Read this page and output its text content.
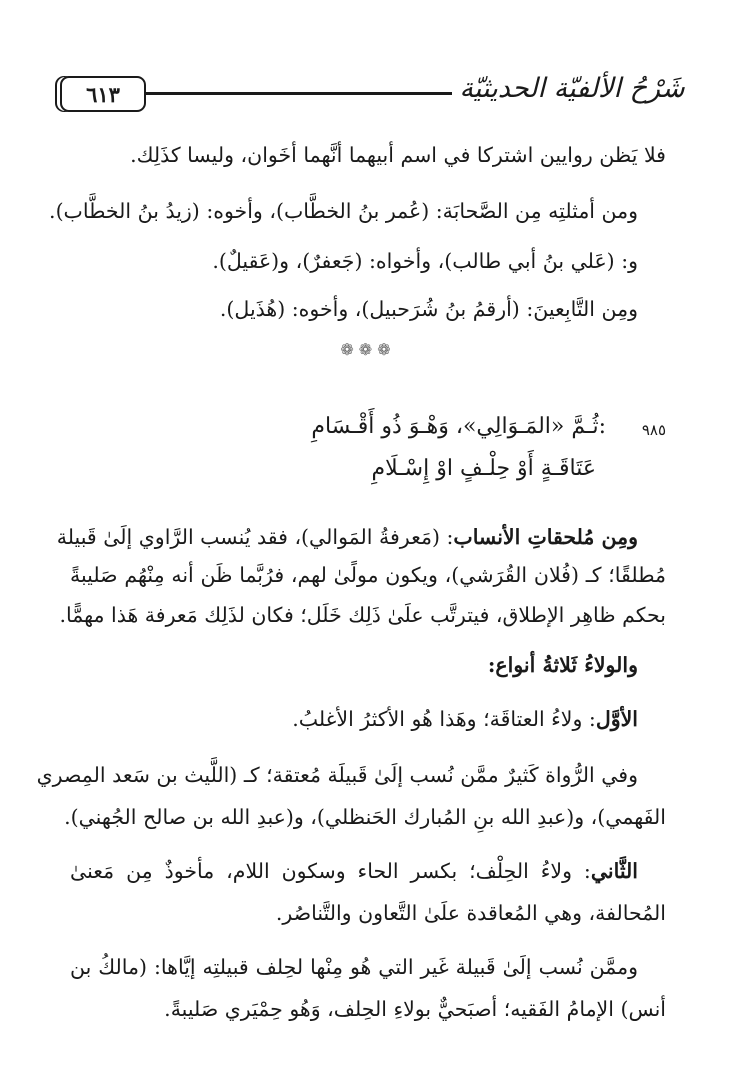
٦١٣	شَرْحُ الألفيّة الحديثيّة
فلا يَظن روايين اشتركا في اسم أبيهما أنَّهما أخَوان، وليسا كذَلِك.
ومن أمثلتِه مِن الصَّحابَة: (عُمر بنُ الخطَّاب)، وأخوه: (زيدُ بنُ الخطَّاب).
و: (عَلي بنُ أبي طالب)، وأخواه: (جَعفرٌ)، و(عَقيلٌ).
ومِن التَّابِعينَ: (أرقمُ بنُ شُرَحبيل)، وأخوه: (هُذَيل).
ومِن مُلحقاتِ الأنساب: (مَعرفةُ المَوالي)، فقد يُنسب الرَّاوي إلَىٰ قَبيلة
مُطلقًا؛ كـ (فُلان القُرَشي)، ويكون مولًىٰ لهم، فرُبَّما ظَن أنه مِنْهُم صَليبةً
بحكم ظاهِر الإطلاق، فيترتَّب علَىٰ ذَلِك خَلَل؛ فكان لذَلِك مَعرفة هَذا مهمًّا.
والولاءُ ثَلاثةُ أنواع:
الأوَّل: ولاءُ العتاقَة؛ وهَذا هُو الأكثرُ الأغلبُ.
وفي الرُّواة كَثيرٌ ممَّن نُسب إلَىٰ قَبيلَة مُعتقة؛ كـ (اللَّيث بن سَعد المِصري
الفَهمي)، و(عبدِ الله بنِ المُبارك الحَنظلي)، و(عبدِ الله بن صالح الجُهني).
الثَّاني: ولاءُ الحِلْف؛ بكسر الحاء وسكون اللام، مأخوذٌ مِن مَعنىٰ
المُحالفة، وهي المُعاقدة علَىٰ التَّعاون والتَّناصُر.
وممَّن نُسب إلَىٰ قَبيلة غَير التي هُو مِنْها لحِلف قبيلتِه إيَّاها: (مالكُ بن
أنس) الإمامُ الفَقيه؛ أصبَحيٌّ بولاءِ الحِلف، وَهُو حِمْيَري صَليبةً.
❁❁❁
٩٨٥
ثُـمَّ «المَـوَالِي»، وَهْـوَ ذُو أَقْـسَامِ:
عَتَاقَـةٍ أَوْ حِلْـفٍ اوْ إِسْـلَامِ
